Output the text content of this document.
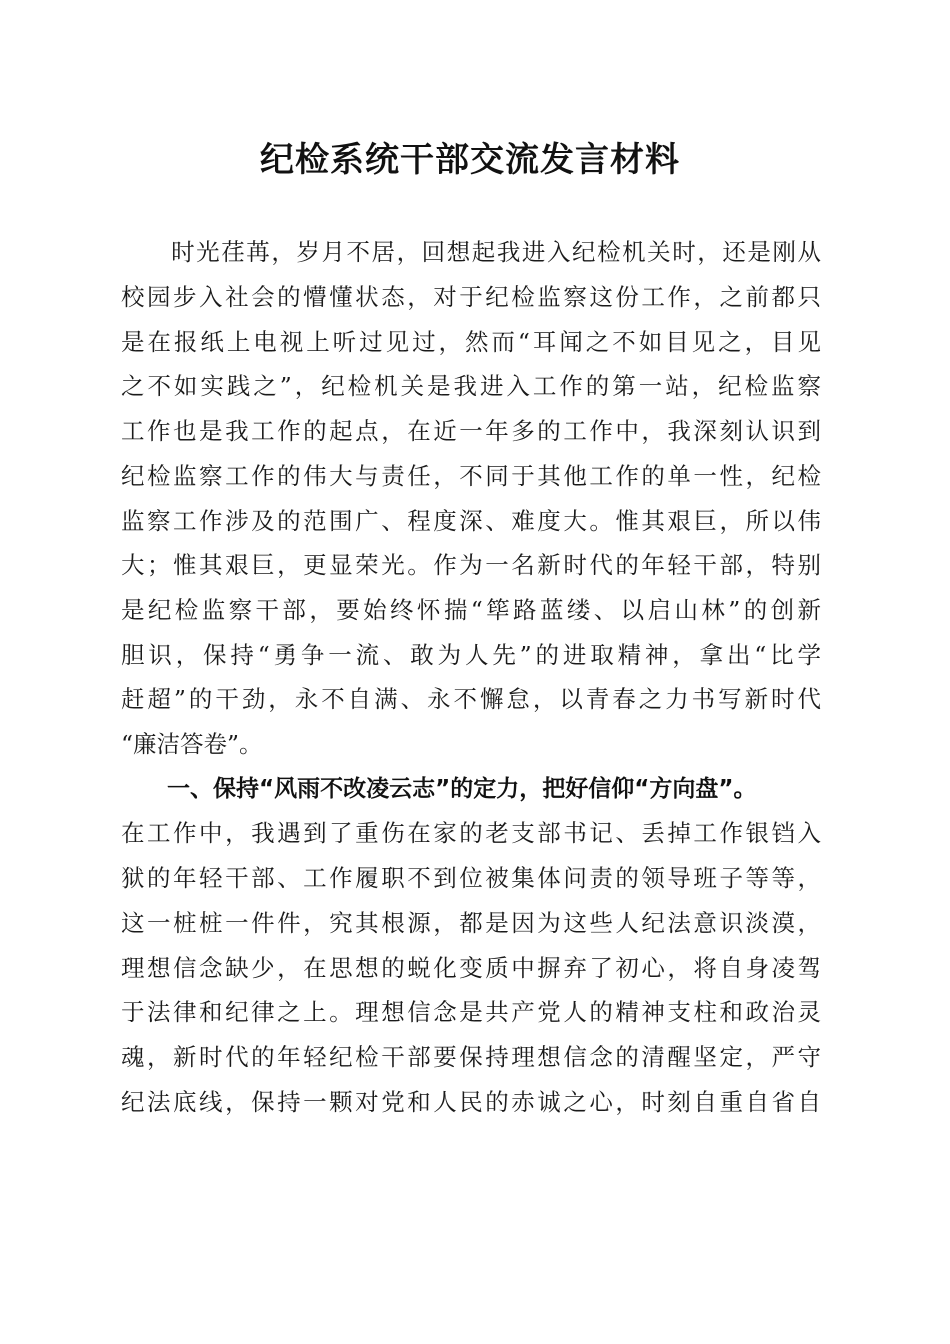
纪检系统干部交流发言材料
　　时光荏苒，岁月不居，回想起我进入纪检机关时，还是刚从
校园步入社会的懵懂状态，对于纪检监察这份工作，之前都只
是在报纸上电视上听过见过，然而“耳闻之不如目见之，目见
之不如实践之”，纪检机关是我进入工作的第一站，纪检监察
工作也是我工作的起点，在近一年多的工作中，我深刻认识到
纪检监察工作的伟大与责任，不同于其他工作的单一性，纪检
监察工作涉及的范围广、程度深、难度大。惟其艰巨，所以伟
大；惟其艰巨，更显荣光。作为一名新时代的年轻干部，特别
是纪检监察干部，要始终怀揣“筚路蓝缕、以启山林”的创新
胆识，保持“勇争一流、敢为人先”的进取精神，拿出“比学
赶超”的干劲，永不自满、永不懈怠，以青春之力书写新时代
“廉洁答卷”。
　　一、保持“风雨不改凌云志”的定力，把好信仰“方向盘”。
在工作中，我遇到了重伤在家的老支部书记、丢掉工作银铛入
狱的年轻干部、工作履职不到位被集体问责的领导班子等等，
这一桩桩一件件，究其根源，都是因为这些人纪法意识淡漠，
理想信念缺少，在思想的蜕化变质中摒弃了初心，将自身凌驾
于法律和纪律之上。理想信念是共产党人的精神支柱和政治灵
魂，新时代的年轻纪检干部要保持理想信念的清醒坚定，严守
纪法底线，保持一颗对党和人民的赤诚之心，时刻自重自省自
